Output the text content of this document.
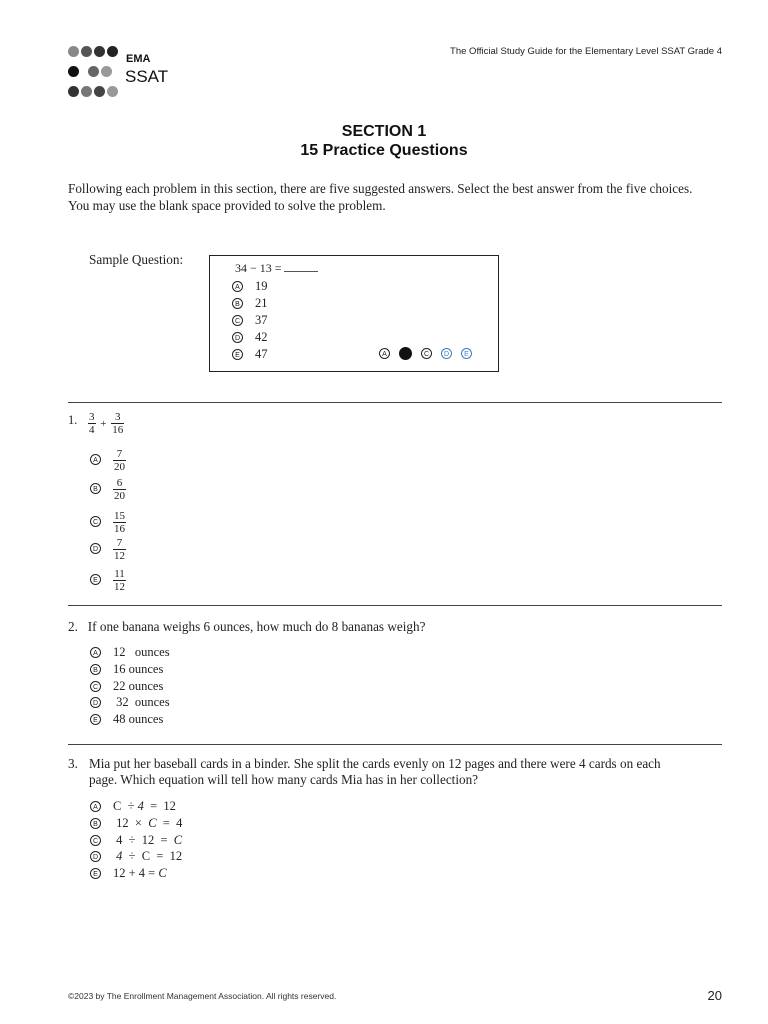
EMA
SSAT
The Official Study Guide for the Elementary Level SSAT Grade 4
SECTION 1
15 Practice Questions
Following each problem in this section, there are five suggested answers. Select the best answer from the five choices. You may use the blank space provided to solve the problem.
Sample Question:
34 − 13 =
A 19
B 21
C 37
D 42
E 47	A	C D E
1. $\frac{3}{4} + \frac{3}{16}$
A $\frac{7}{20}$
B $\frac{6}{20}$
C $\frac{15}{16}$
D $\frac{7}{12}$
E $\frac{11}{12}$
2. If one banana weighs 6 ounces, how much do 8 bananas weigh?
A 12   ounces
B 16 ounces
C 22 ounces
D 32  ounces
E 48 ounces
3. Mia put her baseball cards in a binder. She split the cards evenly on 12 pages and there were 4 cards on each
page. Which equation will tell how many cards Mia has in her collection?
A C  ÷ 4  =  12
B 12  ×  C  =  4
C 4  ÷  12  =  C
D 4  ÷  C  =  12
E 12 + 4 = C
©2023 by The Enrollment Management Association. All rights reserved.	20
